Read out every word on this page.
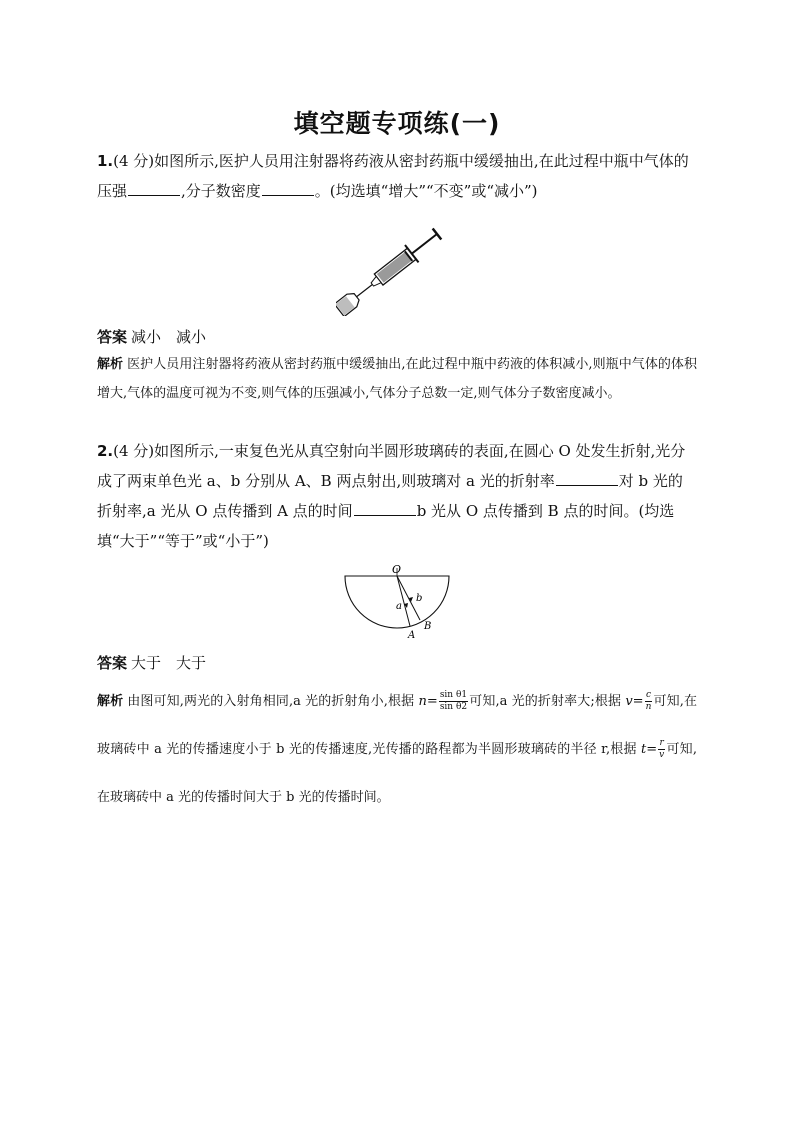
填空题专项练(一)
1.(4 分)如图所示,医护人员用注射器将药液从密封药瓶中缓缓抽出,在此过程中瓶中气体的压强	,分子数密度	。(均选填“增大”“不变”或“减小”)
答案 减小　减小
解析 医护人员用注射器将药液从密封药瓶中缓缓抽出,在此过程中瓶中药液的体积减小,则瓶中气体的体积增大,气体的温度可视为不变,则气体的压强减小,气体分子总数一定,则气体分子数密度减小。
2.(4 分)如图所示,一束复色光从真空射向半圆形玻璃砖的表面,在圆心 O 处发生折射,光分成了两束单色光 a、b 分别从 A、B 两点射出,则玻璃对 a 光的折射率	对 b 光的折射率,a 光从 O 点传播到 A 点的时间	b 光从 O 点传播到 B 点的时间。(均选填“大于”“等于”或“小于”)
O
a
b
A
B
答案 大于　大于
解析 由图可知,两光的入射角相同,a 光的折射角小,根据 $n= \frac{\text{sin θ1}}{\text{sin θ2}}$ 可知,a 光的折射率大;根据 $v= \frac{c}{n}$ 可知,在玻璃砖中 a 光的传播速度小于 b 光的传播速度,光传播的路程都为半圆形玻璃砖的半径 r,根据 $t= \frac{r}{v}$ 可知,在玻璃砖中 a 光的传播时间大于 b 光的传播时间。
